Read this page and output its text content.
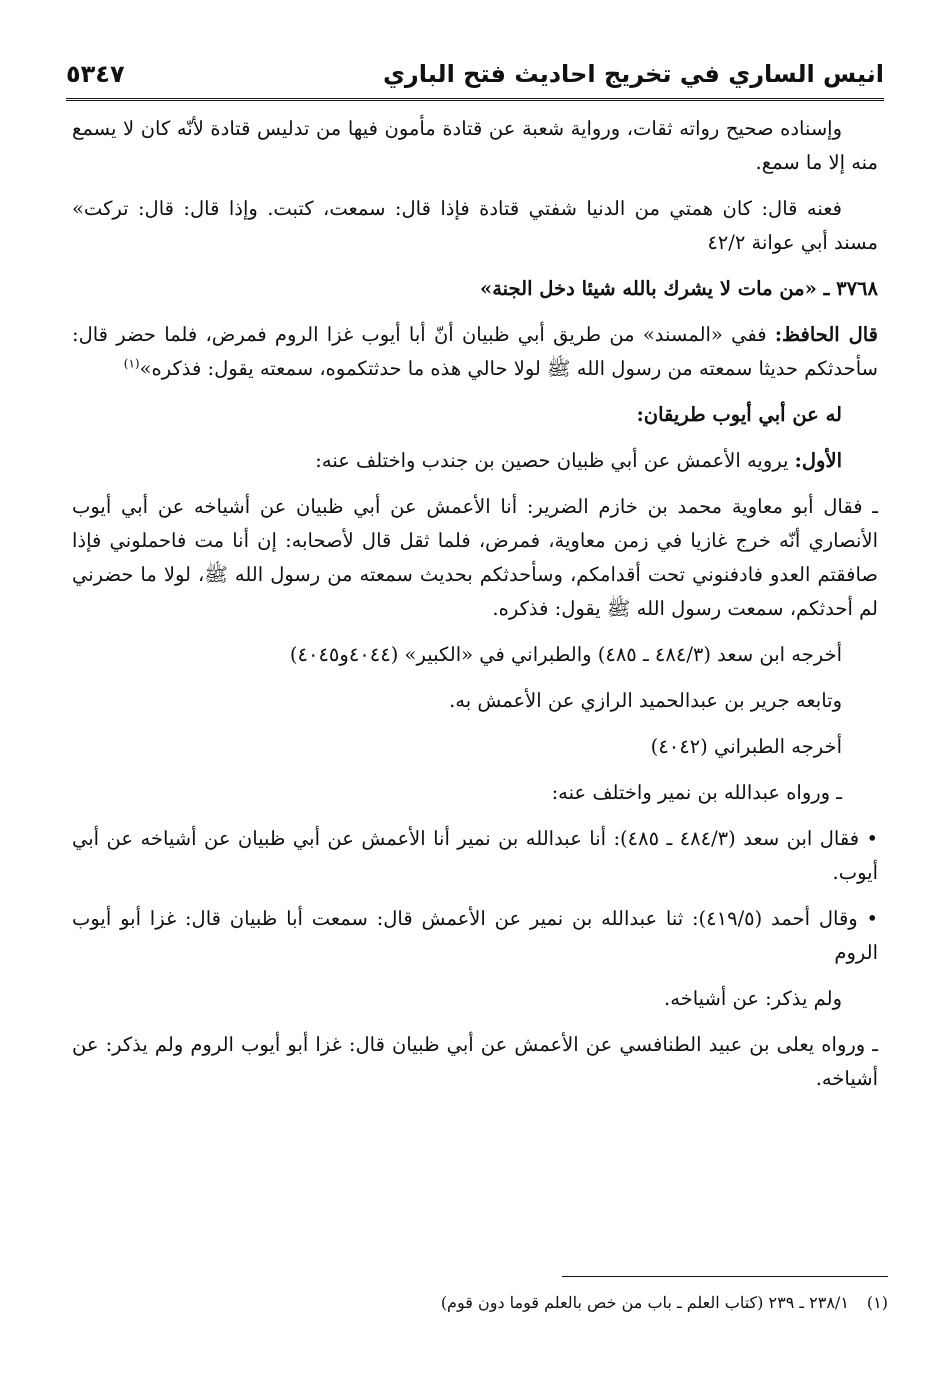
انيس الساري في تخريج احاديث فتح الباري
٥٣٤٧

وإسناده صحيح رواته ثقات، ورواية شعبة عن قتادة مأمون فيها من تدليس قتادة لأنّه كان لا يسمع منه إلا ما سمع.

فعنه قال: كان همتي من الدنيا شفتي قتادة فإذا قال: سمعت، كتبت. وإذا قال: قال: تركت» مسند أبي عوانة ٤٢/٢

٣٧٦٨ ـ «من مات لا يشرك بالله شيئا دخل الجنة»

قال الحافظ: ففي «المسند» من طريق أبي ظبيان أنّ أبا أيوب غزا الروم فمرض، فلما حضر قال: سأحدثكم حديثا سمعته من رسول الله ﷺ لولا حالي هذه ما حدثتكموه، سمعته يقول: فذكره»$^{(١)}$

له عن أبي أيوب طريقان:

الأول: يرويه الأعمش عن أبي ظبيان حصين بن جندب واختلف عنه:

ـ فقال أبو معاوية محمد بن خازم الضرير: أنا الأعمش عن أبي ظبيان عن أشياخه عن أبي أيوب الأنصاري أنّه خرج غازيا في زمن معاوية، فمرض، فلما ثقل قال لأصحابه: إن أنا مت فاحملوني فإذا صافقتم العدو فادفنوني تحت أقدامكم، وسأحدثكم بحديث سمعته من رسول الله ﷺ، لولا ما حضرني لم أحدثكم، سمعت رسول الله ﷺ يقول: فذكره.

أخرجه ابن سعد (٤٨٤/٣ ـ ٤٨٥) والطبراني في «الكبير» (٤٠٤٤و٤٠٤٥)

وتابعه جرير بن عبدالحميد الرازي عن الأعمش به.

أخرجه الطبراني (٤٠٤٢)

ـ ورواه عبدالله بن نمير واختلف عنه:

• فقال ابن سعد (٤٨٤/٣ ـ ٤٨٥): أنا عبدالله بن نمير أنا الأعمش عن أبي ظبيان عن أشياخه عن أبي أيوب.

• وقال أحمد (٤١٩/٥): ثنا عبدالله بن نمير عن الأعمش قال: سمعت أبا ظبيان قال: غزا أبو أيوب الروم

ولم يذكر: عن أشياخه.

ـ ورواه يعلى بن عبيد الطنافسي عن الأعمش عن أبي ظبيان قال: غزا أبو أيوب الروم ولم يذكر: عن أشياخه.

(١)٢٣٨/١ ـ ٢٣٩ (كتاب العلم ـ باب من خص بالعلم قوما دون قوم)
